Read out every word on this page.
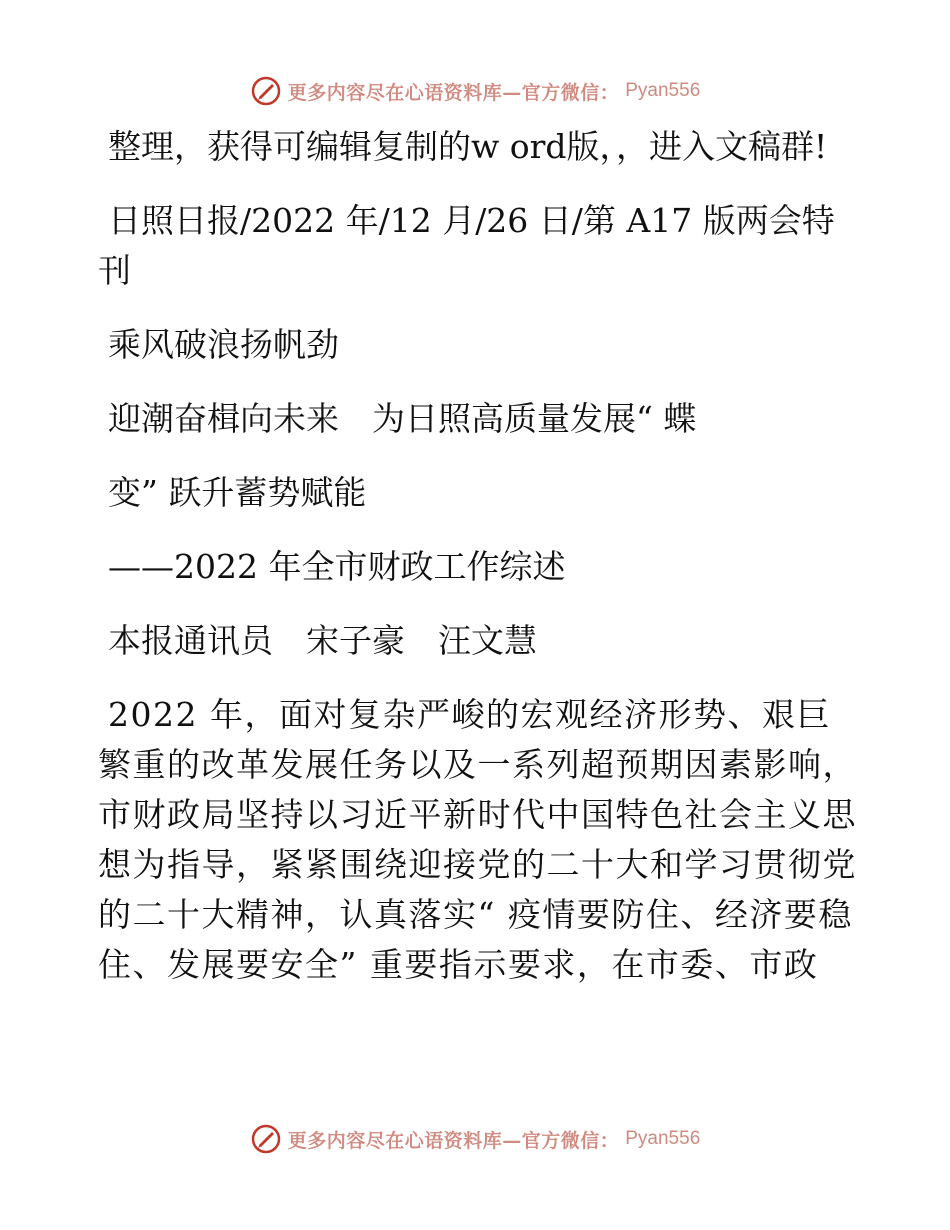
更多内容尽在心语资料库—官方微信： Pyan556

整理，获得可编辑复制的w ord版，，进入文稿群!

日照日报/2022 年/12 月/26 日/第 A17 版两会特刊

乘风破浪扬帆劲

迎潮奋楫向未来　为日照高质量发展“ 蝶

变” 跃升蓄势赋能

——2022 年全市财政工作综述

本报通讯员　宋子豪　汪文慧

2022 年，面对复杂严峻的宏观经济形势、艰巨繁重的改革发展任务以及一系列超预期因素影响，市财政局坚持以习近平新时代中国特色社会主义思想为指导，紧紧围绕迎接党的二十大和学习贯彻党的二十大精神，认真落实“ 疫情要防住、经济要稳住、发展要安全” 重要指示要求，在市委、市政

更多内容尽在心语资料库—官方微信： Pyan556
